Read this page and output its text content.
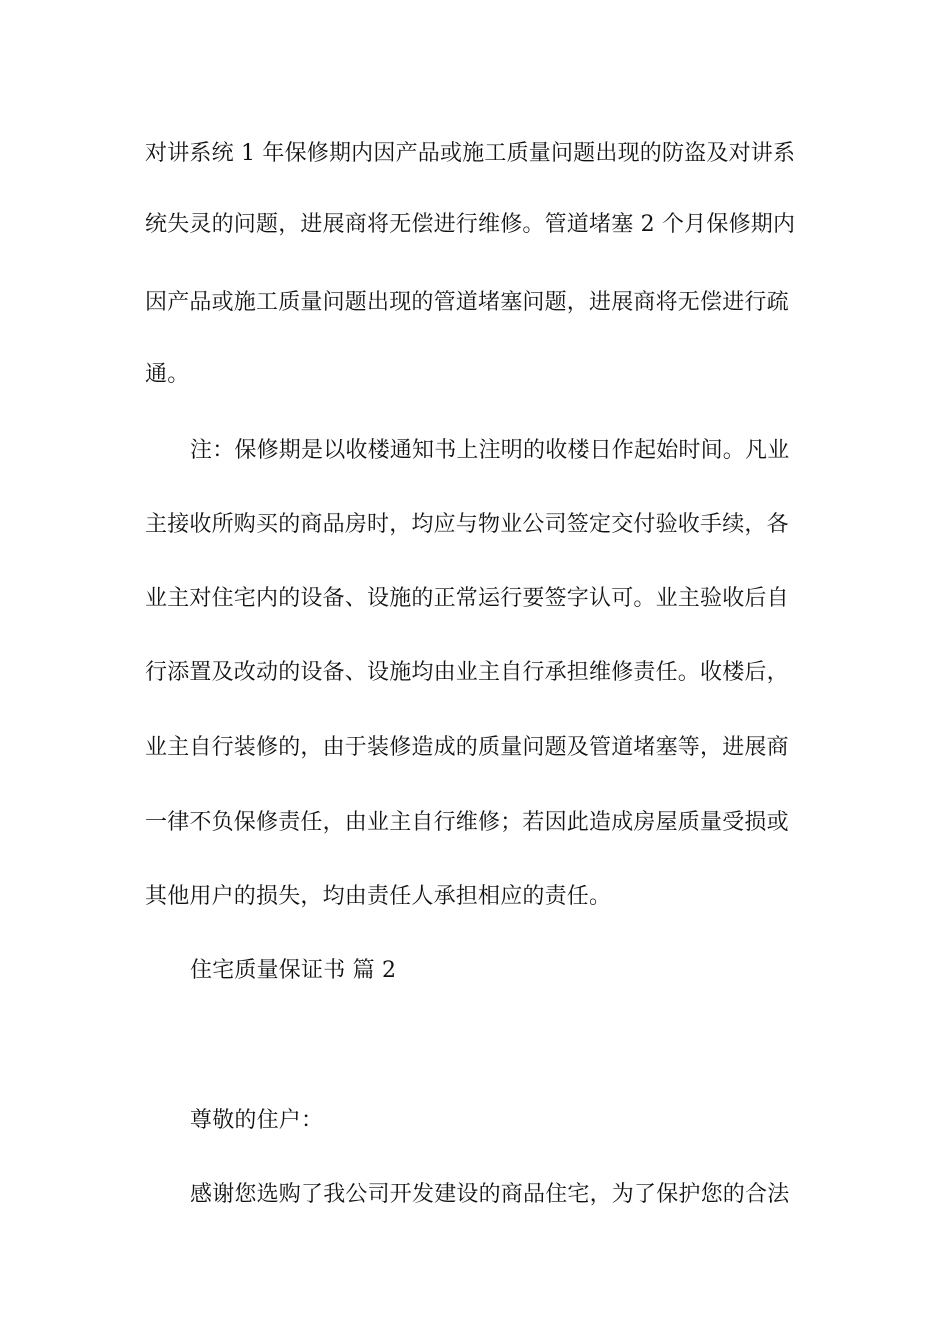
对讲系统 1 年保修期内因产品或施工质量问题出现的防盗及对讲系
统失灵的问题，进展商将无偿进行维修。管道堵塞 2 个月保修期内
因产品或施工质量问题出现的管道堵塞问题，进展商将无偿进行疏
通。
注：保修期是以收楼通知书上注明的收楼日作起始时间。凡业
主接收所购买的商品房时，均应与物业公司签定交付验收手续，各
业主对住宅内的设备、设施的正常运行要签字认可。业主验收后自
行添置及改动的设备、设施均由业主自行承担维修责任。收楼后，
业主自行装修的，由于装修造成的质量问题及管道堵塞等，进展商
一律不负保修责任，由业主自行维修；若因此造成房屋质量受损或
其他用户的损失，均由责任人承担相应的责任。
住宅质量保证书 篇 2
尊敬的住户：
感谢您选购了我公司开发建设的商品住宅，为了保护您的合法
